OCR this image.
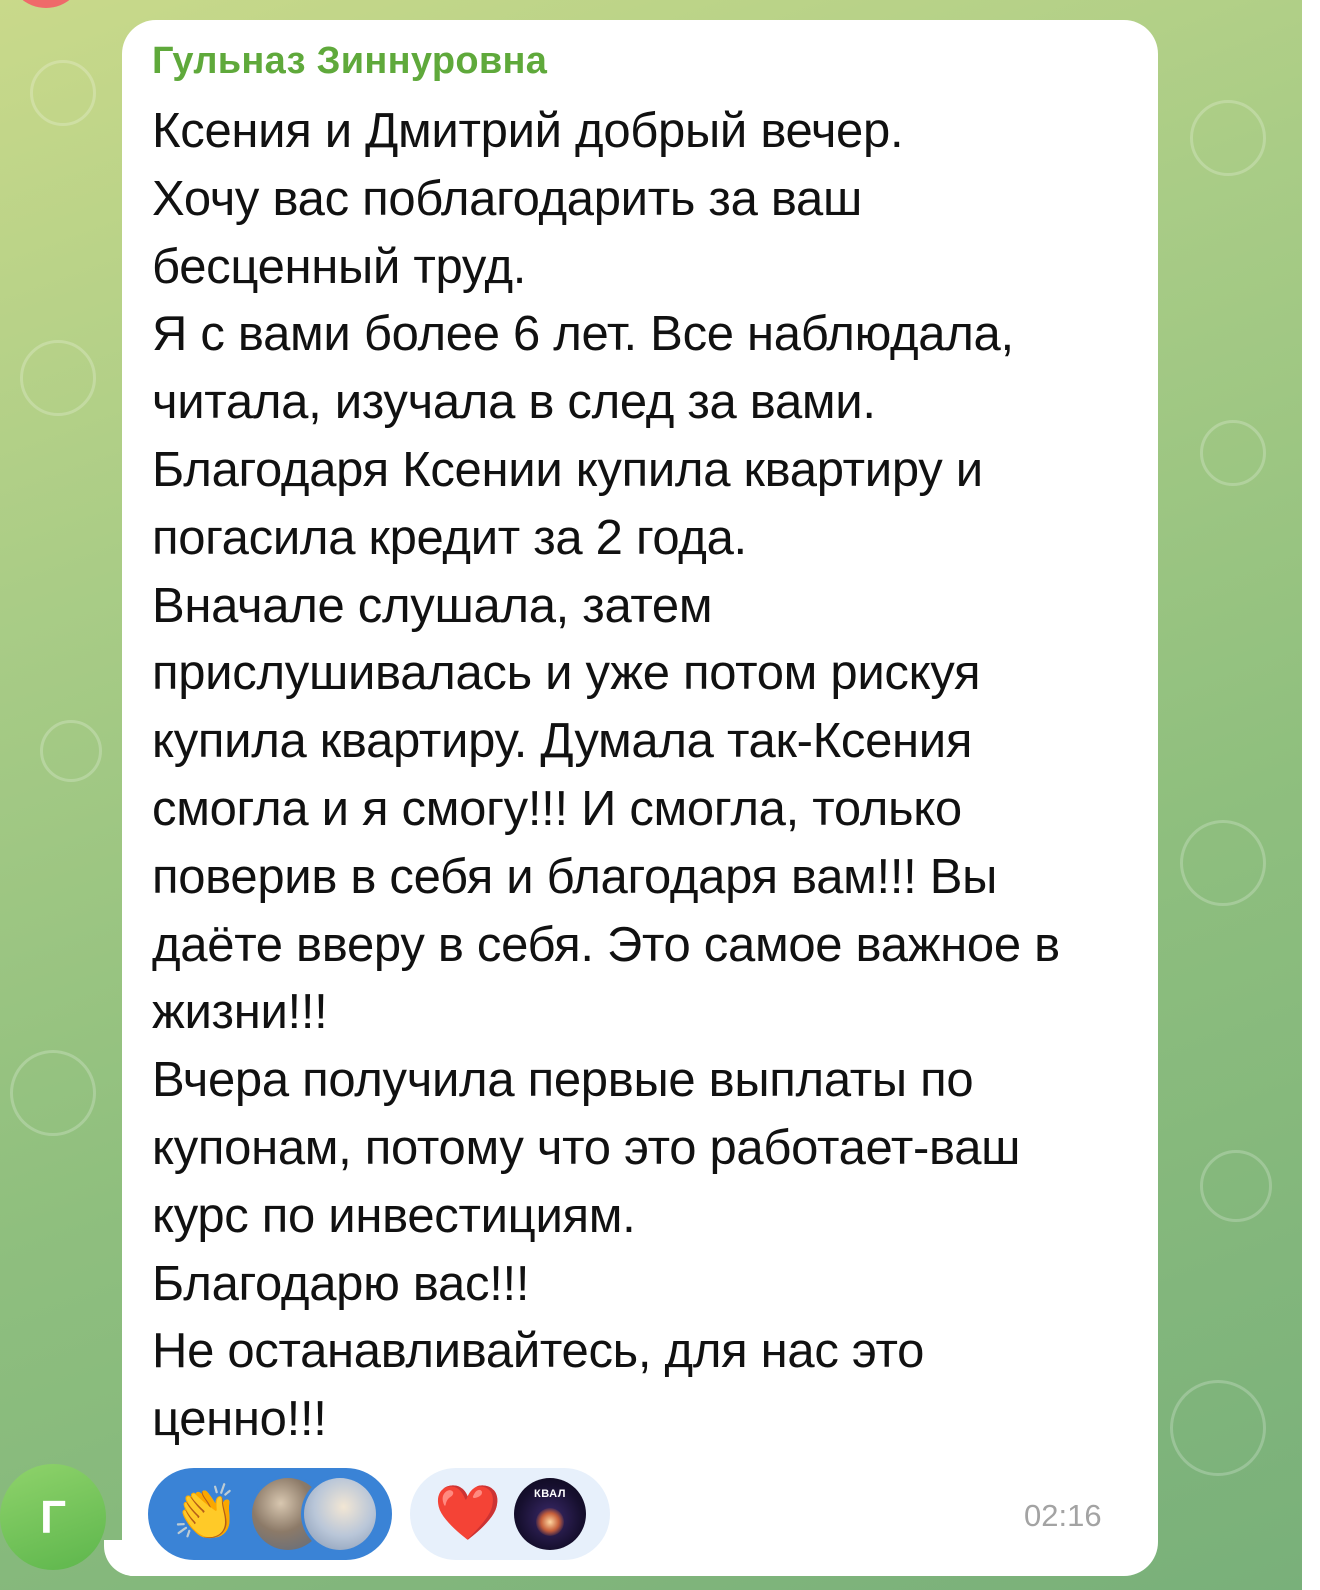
Гульназ Зиннуровна

Ксения и Дмитрий добрый вечер.
Хочу вас поблагодарить за ваш
бесценный труд.
Я с вами более 6 лет. Все наблюдала,
читала, изучала в след за вами.
Благодаря Ксении купила квартиру и
погасила кредит за 2 года.
Вначале слушала, затем
прислушивалась и уже потом рискуя
купила квартиру. Думала так-Ксения
смогла и я смогу!!! И смогла, только
поверив в себя и благодаря вам!!! Вы
даёте вверу в себя. Это самое важное в
жизни!!!
Вчера получила первые выплаты по
купонам, потому что это работает-ваш
курс по инвестициям.
Благодарю вас!!!
Не останавливайтесь, для нас это
ценно!!!

👏	❤️	КВАЛ
02:16
Г
